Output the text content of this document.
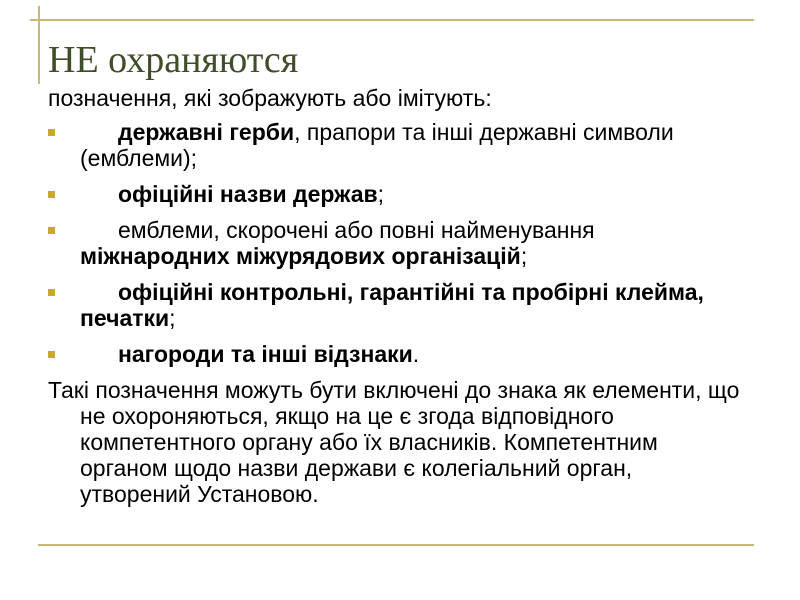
НЕ охраняются

позначення, які зображують або імітують:

державні герби, прапори та інші державні символи (емблеми);
офіційні назви держав;
емблеми, скорочені або повні найменуванняміжнародних міжурядових організацій;
офіційні контрольні, гарантійні та пробірні клейма, печатки;
нагороди та інші відзнаки.

Такі позначення можуть бути включені до знака як елементи, що не охороняються, якщо на це є згода відповідного компетентного органу або їх власників. Компетентним органом щодо назви держави є колегіальний орган, утворений Установою.
